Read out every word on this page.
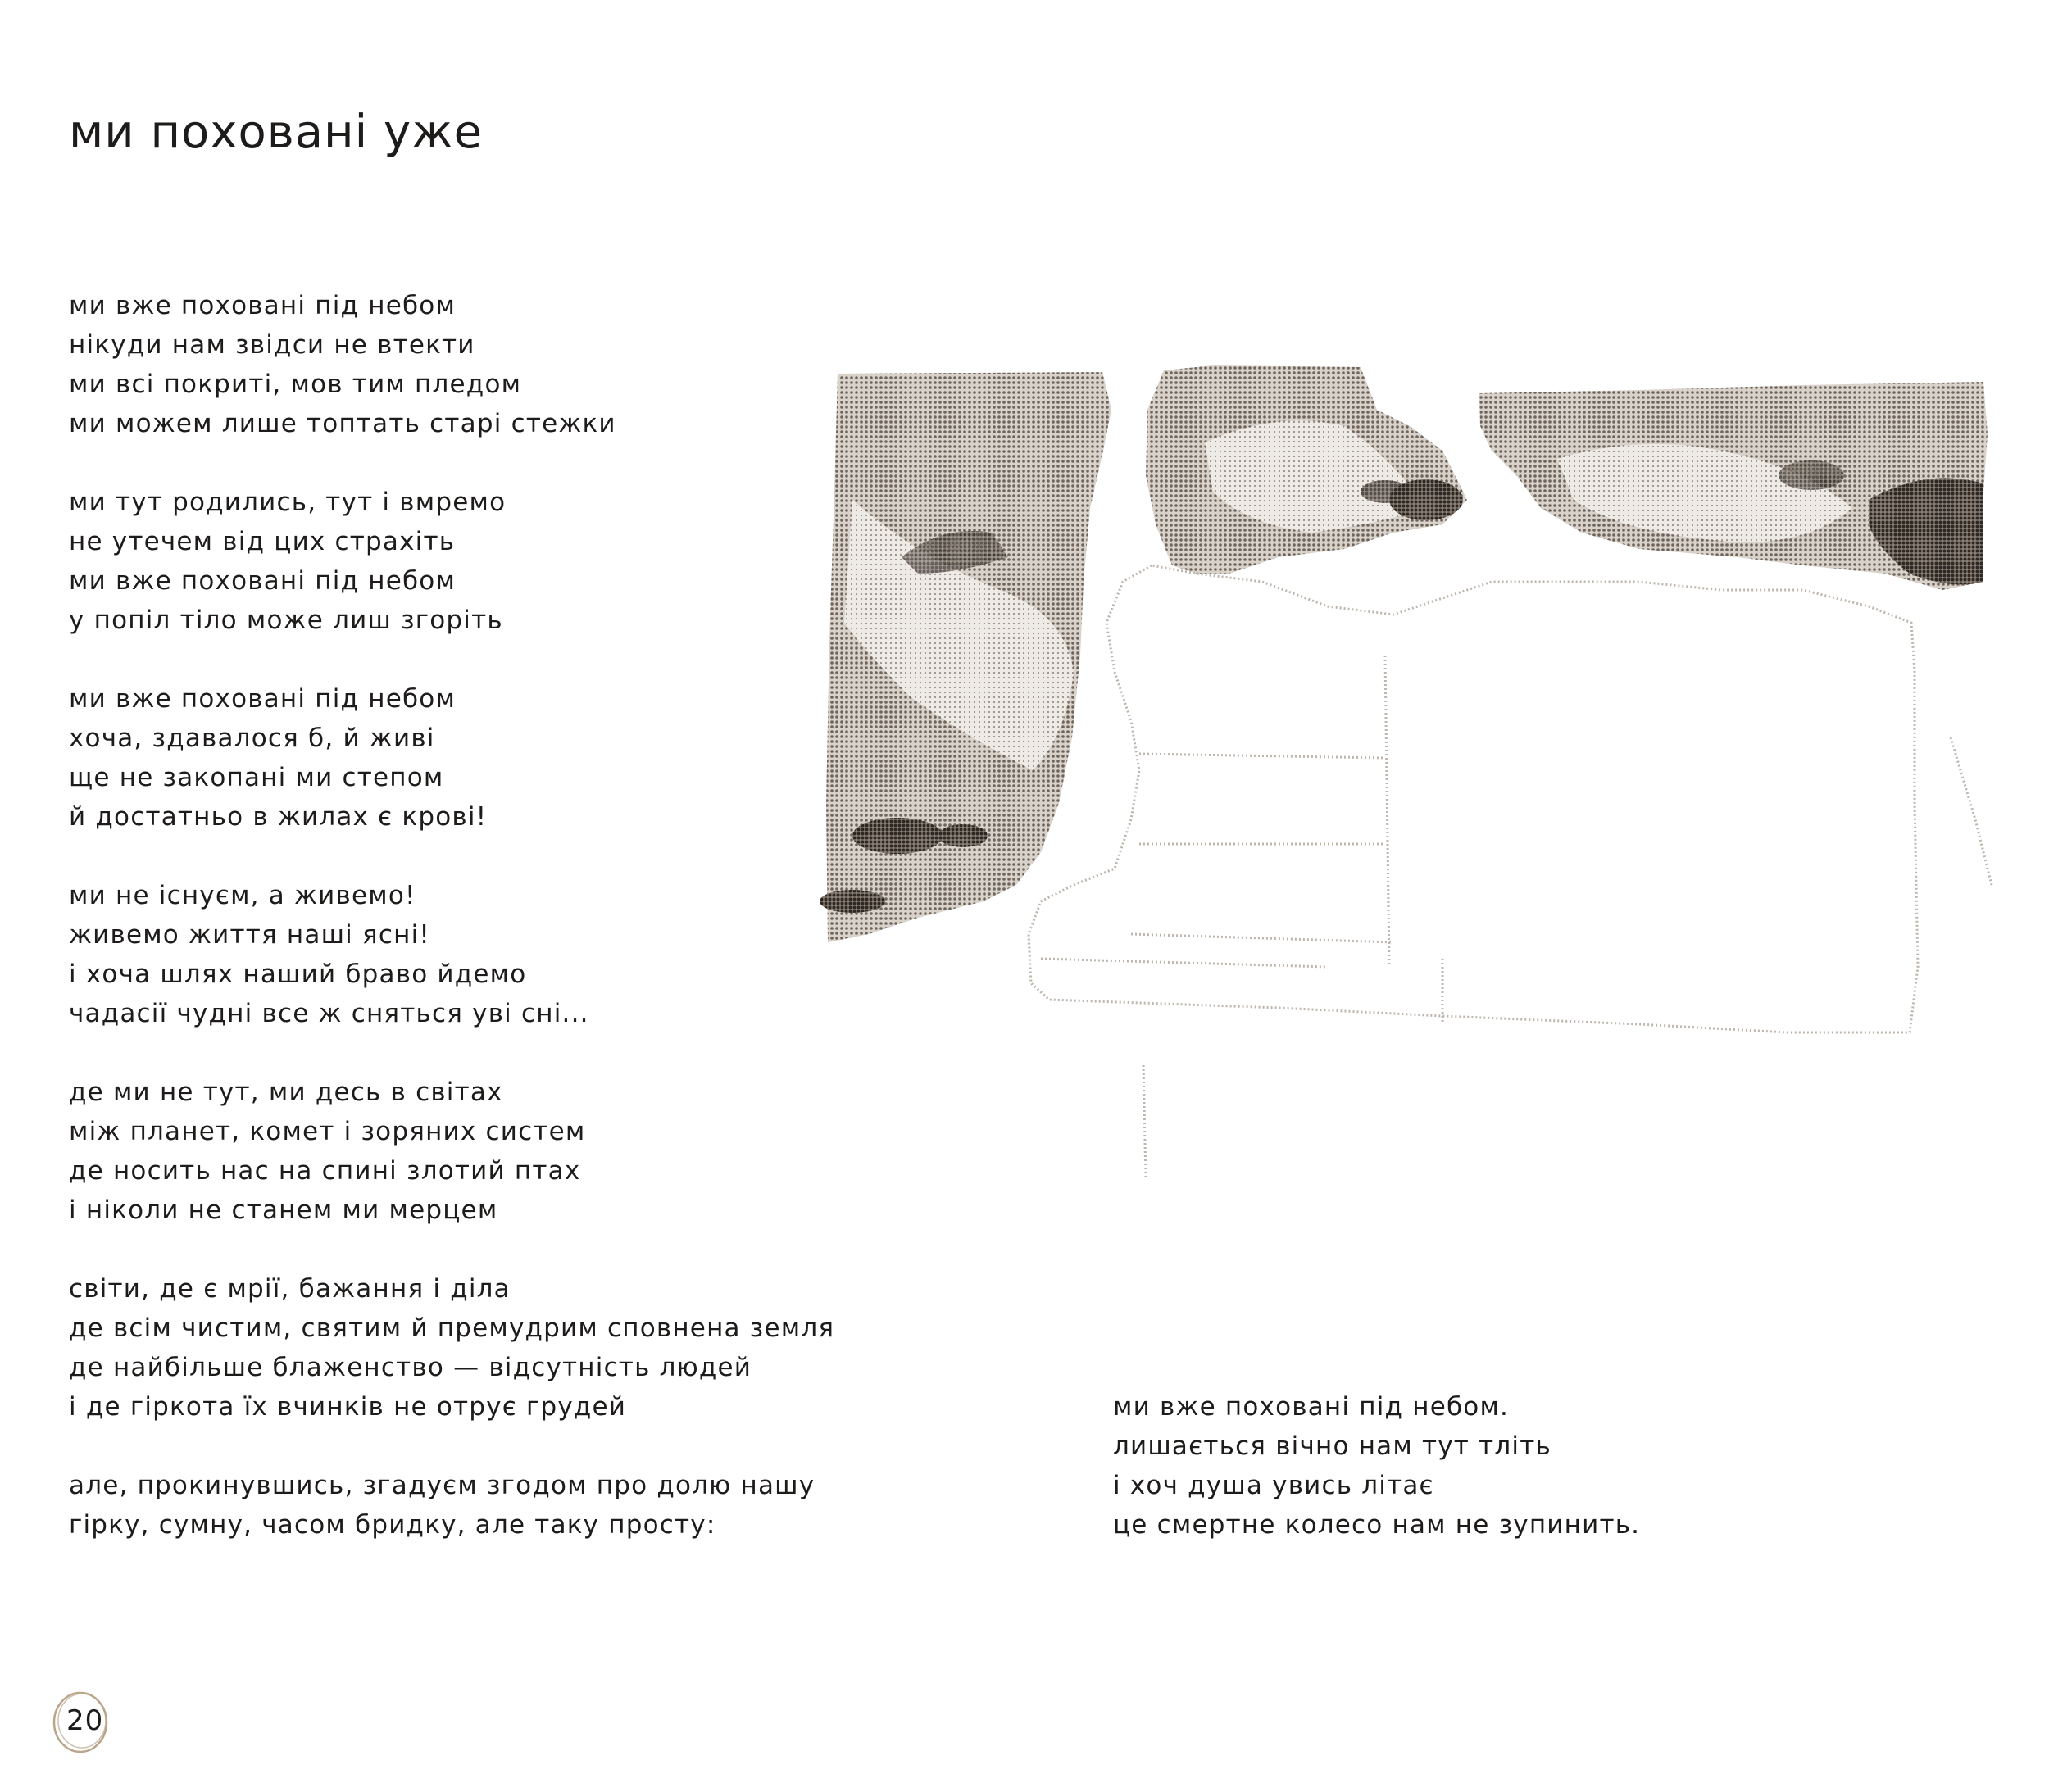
ми поховані уже
ми вже поховані під небом
нікуди нам звідси не втекти
ми всі покриті, мов тим пледом
ми можем лише топтать старі стежки
ми тут родились, тут і вмремо
не утечем від цих страхіть
ми вже поховані під небом
у попіл тіло може лиш згоріть
ми вже поховані під небом
хоча, здавалося б, й живі
ще не закопані ми степом
й достатньо в жилах є крові!
ми не існуєм, а живемо!
живемо життя наші ясні!
і хоча шлях наший браво йдемо
чадасії чудні все ж сняться уві сні...
де ми не тут, ми десь в світах
між планет, комет і зоряних систем
де носить нас на спині злотий птах
і ніколи не станем ми мерцем
світи, де є мрії, бажання і діла
де всім чистим, святим й премудрим сповнена земля
де найбільше блаженство — відсутність людей
і де гіркота їх вчинків не отрує грудей
але, прокинувшись, згадуєм згодом про долю нашу
гірку, сумну, часом бридку, але таку просту:
ми вже поховані під небом.
лишається вічно нам тут тліть
і хоч душа увись літає
це смертне колесо нам не зупинить.
20
